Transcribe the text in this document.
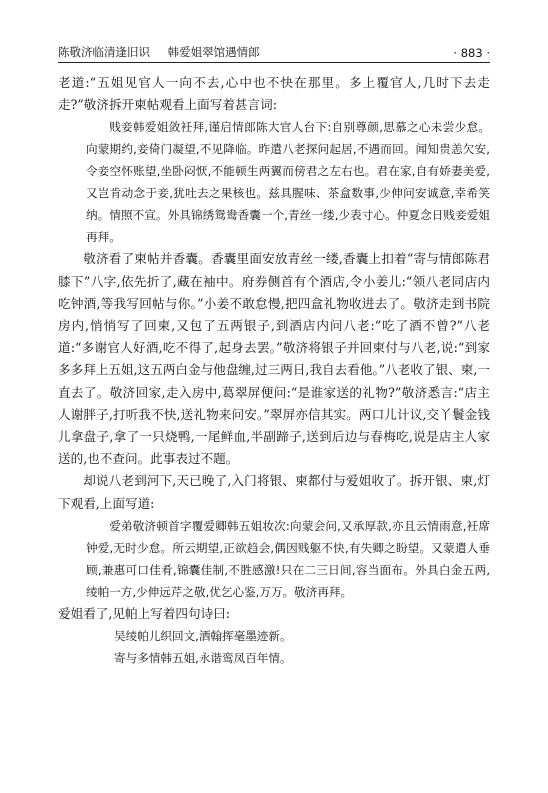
陈敬济临清逢旧识 韩爱姐翠馆遇情郎	· 883 ·

老道:“五姐见官人一向不去,心中也不快在那里。多上覆官人,几时下去走走?”敬济拆开柬帖观看上面写着甚言词:

贱妾韩爱姐敛衽拜,谨启情郎陈大官人台下:自别尊颜,思慕之心未尝少怠。向蒙期约,妾倚门凝望,不见降临。昨遣八老探问起居,不遇而回。闻知贵恙欠安,令妾空怀账望,坐卧闷恹,不能顿生两翼而傍君之左右也。君在家,自有娇妻美爱,又岂肯动念于妾,犹吐去之果核也。兹具腥味、茶盒数事,少伸问安诚意,幸希笑纳。情照不宣。外具锦绣鸳鸯香囊一个,青丝一缕,少表寸心。仲夏念日贱妾爱姐再拜。

敬济看了柬帖并香囊。香囊里面安放青丝一缕,香囊上扣着“寄与情郎陈君膝下”八字,依先折了,藏在袖中。府券侧首有个酒店,令小姜儿:“领八老同店内吃钟酒,等我写回帖与你。”小姜不敢怠慢,把四盒礼物收进去了。敬济走到书院房内,悄悄写了回柬,又包了五两银子,到酒店内问八老:“吃了酒不曾?”八老道:“多谢官人好酒,吃不得了,起身去罢。”敬济将银子并回柬付与八老,说:“到家多多拜上五姐,这五两白金与他盘缠,过三两日,我自去看他。”八老收了银、柬,一直去了。敬济回家,走入房中,葛翠屏便问:“是谁家送的礼物?”敬济悉言:“店主人谢胖子,打听我不快,送礼物来问安。”翠屏亦信其实。两口儿计议,交丫鬟金钱儿拿盘子,拿了一只烧鸭,一尾鲜血,半副蹄子,送到后边与春梅吃,说是店主人家送的,也不查问。此事表过不题。

却说八老到河下,天已晚了,入门将银、柬都付与爱姐收了。拆开银、柬,灯下观看,上面写道:

爱弟敬济顿首字覆爱卿韩五姐妆次:向蒙会问,又承厚款,亦且云情雨意,衽席钟爱,无时少怠。所云期望,正欲趋会,偶因贱躯不快,有失卿之盼望。又蒙遣人垂顾,兼惠可口佳肴,锦囊佳制,不胜感激!只在二三日间,容当面布。外具白金五两,绫帕一方,少伸远芹之敬,优乞心鉴,万万。敬济再拜。

爱姐看了,见帕上写着四句诗曰:

吴绫帕儿织回文,洒翰挥毫墨迹新。
寄与多情韩五姐,永谐鸾凤百年情。
